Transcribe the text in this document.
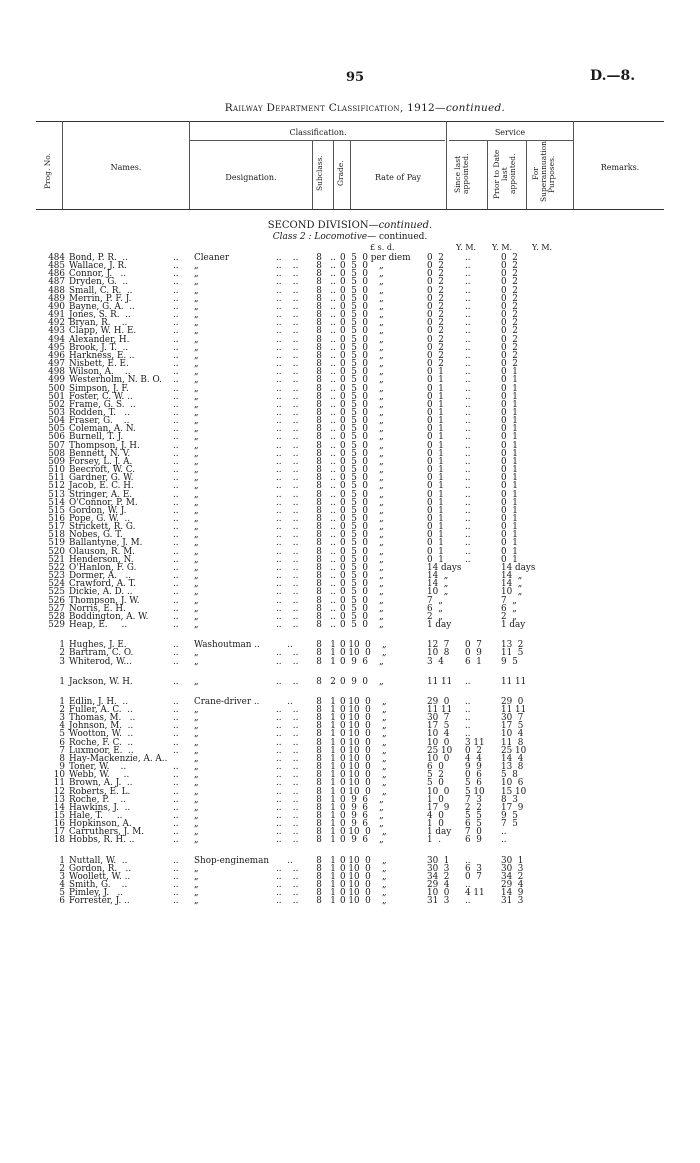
95	D.—8.
Railway Department Classification, 1912—continued.
Prog. No.	Names.
Classification.
Designation.	Subclass. Grade.	Rate of Pay
Service
Since last appointed.	Prior to Date last appointed.	For Superannuation Purposes.	Remarks.
SECOND DIVISION—continued.
Class 2 : Locomotive— continued.
£ s. d.	Y. M. Y. M. Y. M.
484	Bond, P. R.  ..	..	Cleaner	..    ..	8	..	0  5  0 per diem	0  2	..	0  2
485	Wallace, J. R.	..	„	..    ..	8	..	0  5  0    „	0  2	..	0  2
486	Connor, J.   ..	..	„	..    ..	8	..	0  5  0    „	0  2	..	0  2
487	Dryden, G.  ..	..	„	..    ..	8	..	0  5  0    „	0  2	..	0  2
488	Small, C. R.  ..	..	„	..    ..	8	..	0  5  0    „	0  2	..	0  2
489	Merrin, P. F. J.	..	„	..    ..	8	..	0  5  0    „	0  2	..	0  2
490	Bayne, G. A.  ..	..	„	..    ..	8	..	0  5  0    „	0  2	..	0  2
491	Jones, S. R.  ..	..	„	..    ..	8	..	0  5  0    „	0  2	..	0  2
492	Bryan, R.    ..	..	„	..    ..	8	..	0  5  0    „	0  2	..	0  2
493	Clapp, W. H. E.	..	„	..    ..	8	..	0  5  0    „	0  2	..	0  2
494	Alexander, H.	..	„	..    ..	8	..	0  5  0    „	0  2	..	0  2
495	Brook, J. T.  ..	..	„	..    ..	8	..	0  5  0    „	0  2	..	0  2
496	Harkness, E. ..	..	„	..    ..	8	..	0  5  0    „	0  2	..	0  2
497	Nisbett, E. E.	..	„	..    ..	8	..	0  5  0    „	0  2	..	0  2
498	Wilson, A.    ..	..	„	..    ..	8	..	0  5  0    „	0  1	..	0  1
499	Westerholm, N. B. O.	..	„	..    ..	8	..	0  5  0    „	0  1	..	0  1
500	Simpson, J. F.	..	„	..    ..	8	..	0  5  0    „	0  1	..	0  1
501	Foster, C. W. ..	..	„	..    ..	8	..	0  5  0    „	0  1	..	0  1
502	Frame, G. S.  ..	..	„	..    ..	8	..	0  5  0    „	0  1	..	0  1
503	Rodden, T.   ..	..	„	..    ..	8	..	0  5  0    „	0  1	..	0  1
504	Fraser, G.    ..	..	„	..    ..	8	..	0  5  0    „	0  1	..	0  1
505	Coleman, A. N.	..	„	..    ..	8	..	0  5  0    „	0  1	..	0  1
506	Burnell, T. J.	..	„	..    ..	8	..	0  5  0    „	0  1	..	0  1
507	Thompson, J. H.	..	„	..    ..	8	..	0  5  0    „	0  1	..	0  1
508	Bennett, N. V.	..	„	..    ..	8	..	0  5  0    „	0  1	..	0  1
509	Forsey, L. J. A.	..	„	..    ..	8	..	0  5  0    „	0  1	..	0  1
510	Beecroft, W. C.	..	„	..    ..	8	..	0  5  0    „	0  1	..	0  1
511	Gardner, G. W.	..	„	..    ..	8	..	0  5  0    „	0  1	..	0  1
512	Jacob, E. C. H.	..	„	..    ..	8	..	0  5  0    „	0  1	..	0  1
513	Stringer, A. E.	..	„	..    ..	8	..	0  5  0    „	0  1	..	0  1
514	O'Connor, P. M.	..	„	..    ..	8	..	0  5  0    „	0  1	..	0  1
515	Gordon, W. J.	..	„	..    ..	8	..	0  5  0    „	0  1	..	0  1
516	Pope, G. W.  ..	..	„	..    ..	8	..	0  5  0    „	0  1	..	0  1
517	Strickett, R. G.	..	„	..    ..	8	..	0  5  0    „	0  1	..	0  1
518	Nobes, G. T.	..	„	..    ..	8	..	0  5  0    „	0  1	..	0  1
519	Ballantyne, J. M.	..	„	..    ..	8	..	0  5  0    „	0  1	..	0  1
520	Olauson, R. M.	..	„	..    ..	8	..	0  5  0    „	0  1	..	0  1
521	Henderson, N.	..	„	..    ..	8	..	0  5  0    „	0  1	..	0  1
522	O'Hanlon, F. G.	..	„	..    ..	8	..	0  5  0    „	14 days		14 days
523	Dormer, A.   ..	..	„	..    ..	8	..	0  5  0    „	14  „		14  „
524	Crawford, A. T.	..	„	..    ..	8	..	0  5  0    „	14  „		14  „
525	Dickie, A. D. ..	..	„	..    ..	8	..	0  5  0    „	10  „		10  „
526	Thompson, J. W.	..	„	..    ..	8	..	0  5  0    „	7  „		7  „
527	Norris, E. H.	..	„	..    ..	8	..	0  5  0    „	6  „		6  „
528	Boddington, A. W.	..	„	..    ..	8	..	0  5  0    „	2  „		2  „
529	Heap, E.     ..	..	„	..    ..	8	..	0  5  0    „	1 day		1 day

1	Hughes, J. E.	..	Washoutman ..	..	8	1	0 10  0    „	12  7	0  7	13  2
2	Bartram, C. O.	..	„	..    ..	8	1	0 10  0    „	10  8	0  9	11  5
3	Whiterod, W...	..	„	..    ..	8	1	0  9  6    „	3  4	6  1	9  5

1	Jackson, W. H.	..	„	..    ..	8	2	0  9  0    „	11 11	..	11 11

1	Edlin, J. H.  ..	..	Crane-driver ..	..	8	1	0 10  0    „	29  0	..	29  0
2	Fuller, A. C.  ..	..	„	..    ..	8	1	0 10  0    „	11 11	..	11 11
3	Thomas, M.   ..	..	„	..    ..	8	1	0 10  0    „	30  7	..	30  7
4	Johnson, M.  ..	..	„	..    ..	8	1	0 10  0    „	17  5	..	17  5
5	Wootton, W.  ..	..	„	..    ..	8	1	0 10  0    „	10  4	..	10  4
6	Roche, F. C.  ..	..	„	..    ..	8	1	0 10  0    „	10  0	3 11	11  8
7	Luxmoor, E.  ..	..	„	..    ..	8	1	0 10  0    „	25 10	0  2	25 10
8	Hay-Mackenzie, A. A..		„	..    ..	8	1	0 10  0    „	10  0	4  4	14  4
9	Toner, W.    ..	..	„	..    ..	8	1	0 10  0    „	6  0	9  9	13  8
10	Webb, W.     ..	..	„	..    ..	8	1	0 10  0    „	5  2	0  6	5  8
11	Brown, A. J.  ..	..	„	..    ..	8	1	0 10  0    „	5  0	5  6	10  6
12	Roberts, E. L.	..	„	..    ..	8	1	0 10  0    „	10  0	5 10	15 10
13	Roche, P.    ..	..	„	..    ..	8	1	0  9  6    „	1  0	7  3	8  3
14	Hawkins, J.  ..	..	„	..    ..	8	1	0  9  6    „	17  9	2  2	17  9
15	Hale, T.     ..	..	„	..    ..	8	1	0  9  6    „	4  0	5  5	9  5
16	Hopkinson, A.	..	„	..    ..	8	1	0  9  6    „	1  0	6  5	7  5
17	Carruthers, J. M.	..	„	..    ..	8	1	0 10  0    „	1 day	7  0	..
18	Hobbs, R. H. ..	..	„	..    ..	8	1	0  9  6    „	1  .	6  9	..

1	Nuttall, W.  ..	..	Shop-engineman	..	8	1	0 10  0    „	30  1	..	30  1
2	Gordon, R.   ..	..	„	..    ..	8	1	0 10  0    „	30  3	6  3	30  3
3	Woollett, W. ..	..	„	..    ..	8	1	0 10  0    „	34  2	0  7	34  2
4	Smith, G.    ..	..	„	..    ..	8	1	0 10  0    „	29  4	..	29  4
5	Pimley, J.   ..	..	„	..    ..	8	1	0 10  0    „	10  0	4 11	14  9
6	Forrester, J. ..	..	„	..    ..	8	1	0 10  0    „	31  3	..	31  3
